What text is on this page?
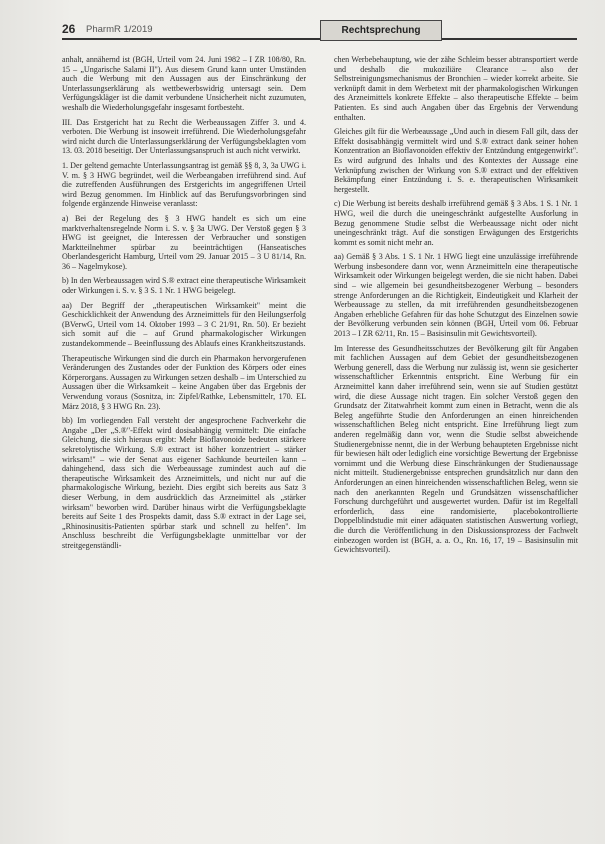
26 PharmR 1/2019	Rechtsprechung

anhalt, annähernd ist (BGH, Urteil vom 24. Juni 1982 – I ZR 108/80, Rn. 15 – „Ungarische Salami II"). Aus diesem Grund kann unter Umständen auch die Werbung mit den Aussagen aus der Einschränkung der Unterlassungserklärung als wettbewerbswidrig untersagt sein. Dem Verfügungskläger ist die damit verbundene Unsicherheit nicht zuzumuten, weshalb die Wiederholungsgefahr insgesamt fortbesteht.

III. Das Erstgericht hat zu Recht die Werbeaussagen Ziffer 3. und 4. verboten. Die Werbung ist insoweit irreführend. Die Wiederholungsgefahr wird nicht durch die Unterlassungserklärung der Verfügungsbeklagten vom 13. 03. 2018 beseitigt. Der Unterlassungsanspruch ist auch nicht verwirkt.

1. Der geltend gemachte Unterlassungsantrag ist gemäß §§ 8, 3, 3a UWG i. V. m. § 3 HWG begründet, weil die Werbeangaben irreführend sind. Auf die zutreffenden Ausführungen des Erstgerichts im angegriffenen Urteil wird Bezug genommen. Im Hinblick auf das Berufungsvorbringen sind folgende ergänzende Hinweise veranlasst:

a) Bei der Regelung des § 3 HWG handelt es sich um eine marktverhaltensregelnde Norm i. S. v. § 3a UWG. Der Verstoß gegen § 3 HWG ist geeignet, die Interessen der Verbraucher und sonstigen Marktteilnehmer spürbar zu beeinträchtigen (Hanseatisches Oberlandesgericht Hamburg, Urteil vom 29. Januar 2015 – 3 U 81/14, Rn. 36 – Nagelmykose).

b) In den Werbeaussagen wird S.® extract eine therapeutische Wirksamkeit oder Wirkungen i. S. v. § 3 S. 1 Nr. 1 HWG beigelegt.

aa) Der Begriff der „therapeutischen Wirksamkeit" meint die Geschicklichkeit der Anwendung des Arzneimittels für den Heilungserfolg (BVerwG, Urteil vom 14. Oktober 1993 – 3 C 21/91, Rn. 50). Er bezieht sich somit auf die – auf Grund pharmakologischer Wirkungen zustandekommende – Beeinflussung des Ablaufs eines Krankheitszustands.

Therapeutische Wirkungen sind die durch ein Pharmakon hervorgerufenen Veränderungen des Zustandes oder der Funktion des Körpers oder eines Körperorgans. Aussagen zu Wirkungen setzen deshalb – im Unterschied zu Aussagen über die Wirksamkeit – keine Angaben über das Ergebnis der Verwendung voraus (Sosnitza, in: Zipfel/Rathke, Lebensmittelr, 170. EL März 2018, § 3 HWG Rn. 23).

bb) Im vorliegenden Fall versteht der angesprochene Fachverkehr die Angabe „Der „S.®"-Effekt wird dosisabhängig vermittelt: Die einfache Gleichung, die sich hieraus ergibt: Mehr Bioflavonoide bedeuten stärkere sekretolytische Wirkung. S.® extract ist höher konzentriert – stärker wirksam!" – wie der Senat aus eigener Sachkunde beurteilen kann – dahingehend, dass sich die Werbeaussage zumindest auch auf die therapeutische Wirksamkeit des Arzneimittels, und nicht nur auf die pharmakologische Wirkung, bezieht. Dies ergibt sich bereits aus Satz 3 dieser Werbung, in dem ausdrücklich das Arzneimittel als „stärker wirksam" beworben wird. Darüber hinaus wirbt die Verfügungsbeklagte bereits auf Seite 1 des Prospekts damit, dass S.® extract in der Lage sei, „Rhinosinusitis-Patienten spürbar stark und schnell zu helfen". Im Anschluss beschreibt die Verfügungsbeklagte unmittelbar vor der streitgegenständli-

chen Werbebehauptung, wie der zähe Schleim besser abtransportiert werde und deshalb die mukoziliäre Clearance – also der Selbstreinigungsmechanismus der Bronchien – wieder korrekt arbeite. Sie verknüpft damit in dem Werbetext mit der pharmakologischen Wirkungen des Arzneimittels konkrete Effekte – also therapeutische Effekte – beim Patienten. Es sind auch Angaben über das Ergebnis der Verwendung enthalten.

Gleiches gilt für die Werbeaussage „Und auch in diesem Fall gilt, dass der Effekt dosisabhängig vermittelt wird und S.® extract dank seiner hohen Konzentration an Bioflavonoiden effektiv der Entzündung entgegenwirkt". Es wird aufgrund des Inhalts und des Kontextes der Aussage eine Verknüpfung zwischen der Wirkung von S.® extract und der effektiven Bekämpfung einer Entzündung i. S. e. therapeutischen Wirksamkeit hergestellt.

c) Die Werbung ist bereits deshalb irreführend gemäß § 3 Abs. 1 S. 1 Nr. 1 HWG, weil die durch die uneingeschränkt aufgestellte Ausforlung in Bezug genommene Studie selbst die Werbeaussage nicht oder nicht uneingeschränkt trägt. Auf die sonstigen Erwägungen des Erstgerichts kommt es somit nicht mehr an.

aa) Gemäß § 3 Abs. 1 S. 1 Nr. 1 HWG liegt eine unzulässige irreführende Werbung insbesondere dann vor, wenn Arzneimitteln eine therapeutische Wirksamkeit oder Wirkungen beigelegt werden, die sie nicht haben. Dabei sind – wie allgemein bei gesundheitsbezogener Werbung – besonders strenge Anforderungen an die Richtigkeit, Eindeutigkeit und Klarheit der Werbeaussage zu stellen, da mit irreführenden gesundheitsbezogenen Angaben erhebliche Gefahren für das hohe Schutzgut des Einzelnen sowie der Bevölkerung verbunden sein können (BGH, Urteil vom 06. Februar 2013 – I ZR 62/11, Rn. 15 – Basisinsulin mit Gewichtsvorteil).

Im Interesse des Gesundheitsschutzes der Bevölkerung gilt für Angaben mit fachlichen Aussagen auf dem Gebiet der gesundheitsbezogenen Werbung generell, dass die Werbung nur zulässig ist, wenn sie gesicherter wissenschaftlicher Erkenntnis entspricht. Eine Werbung für ein Arzneimittel kann daher irreführend sein, wenn sie auf Studien gestützt wird, die diese Aussage nicht tragen. Ein solcher Verstoß gegen den Grundsatz der Zitatwahrheit kommt zum einen in Betracht, wenn die als Beleg angeführte Studie den Anforderungen an einen hinreichenden wissenschaftlichen Beleg nicht entspricht. Eine Irreführung liegt zum anderen regelmäßig dann vor, wenn die Studie selbst abweichende Studienergebnisse nennt, die in der Werbung behaupteten Ergebnisse nicht für bewiesen hält oder lediglich eine vorsichtige Bewertung der Ergebnisse vornimmt und die Werbung diese Einschränkungen der Studienaussage nicht mitteilt. Studienergebnisse entsprechen grundsätzlich nur dann den Anforderungen an einen hinreichenden wissenschaftlichen Beleg, wenn sie nach den anerkannten Regeln und Grundsätzen wissenschaftlicher Forschung durchgeführt und ausgewertet wurden. Dafür ist im Regelfall erforderlich, dass eine randomisierte, placebokontrollierte Doppelblindstudie mit einer adäquaten statistischen Auswertung vorliegt, die durch die Veröffentlichung in den Diskussionsprozess der Fachwelt einbezogen worden ist (BGH, a. a. O., Rn. 16, 17, 19 – Basisinsulin mit Gewichtsvorteil).
